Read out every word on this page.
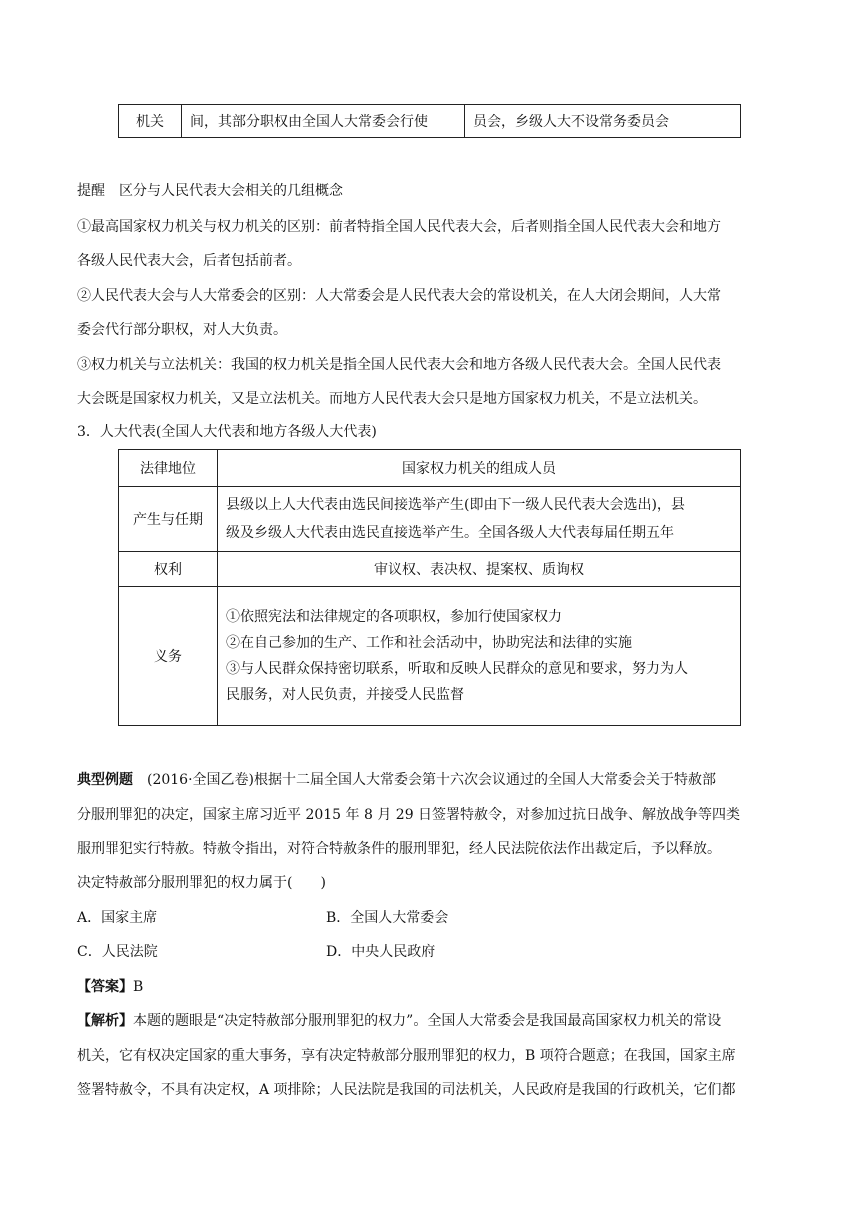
机关	间，其部分职权由全国人大常委会行使	员会，乡级人大不设常务委员会
提醒　区分与人民代表大会相关的几组概念
①最高国家权力机关与权力机关的区别：前者特指全国人民代表大会，后者则指全国人民代表大会和地方
各级人民代表大会，后者包括前者。
②人民代表大会与人大常委会的区别：人大常委会是人民代表大会的常设机关，在人大闭会期间，人大常
委会代行部分职权，对人大负责。
③权力机关与立法机关：我国的权力机关是指全国人民代表大会和地方各级人民代表大会。全国人民代表
大会既是国家权力机关，又是立法机关。而地方人民代表大会只是地方国家权力机关，不是立法机关。
3．人大代表(全国人大代表和地方各级人大代表)
法律地位	国家权力机关的组成人员
产生与任期	县级以上人大代表由选民间接选举产生(即由下一级人民代表大会选出)，县
级及乡级人大代表由选民直接选举产生。全国各级人大代表每届任期五年

权利	审议权、表决权、提案权、质询权
义务	①依照宪法和法律规定的各项职权，参加行使国家权力
②在自己参加的生产、工作和社会活动中，协助宪法和法律的实施
③与人民群众保持密切联系，听取和反映人民群众的意见和要求，努力为人
民服务，对人民负责，并接受人民监督
典型例题　(2016·全国乙卷)根据十二届全国人大常委会第十六次会议通过的全国人大常委会关于特赦部
分服刑罪犯的决定，国家主席习近平 2015 年 8 月 29 日签署特赦令，对参加过抗日战争、解放战争等四类
服刑罪犯实行特赦。特赦令指出，对符合特赦条件的服刑罪犯，经人民法院依法作出裁定后，予以释放。
决定特赦部分服刑罪犯的权力属于(　　)
A．国家主席	B．全国人大常委会
C．人民法院	D．中央人民政府
【答案】B
【解析】本题的题眼是“决定特赦部分服刑罪犯的权力”。全国人大常委会是我国最高国家权力机关的常设
机关，它有权决定国家的重大事务，享有决定特赦部分服刑罪犯的权力，B 项符合题意；在我国，国家主席
签署特赦令，不具有决定权，A 项排除；人民法院是我国的司法机关，人民政府是我国的行政机关，它们都
